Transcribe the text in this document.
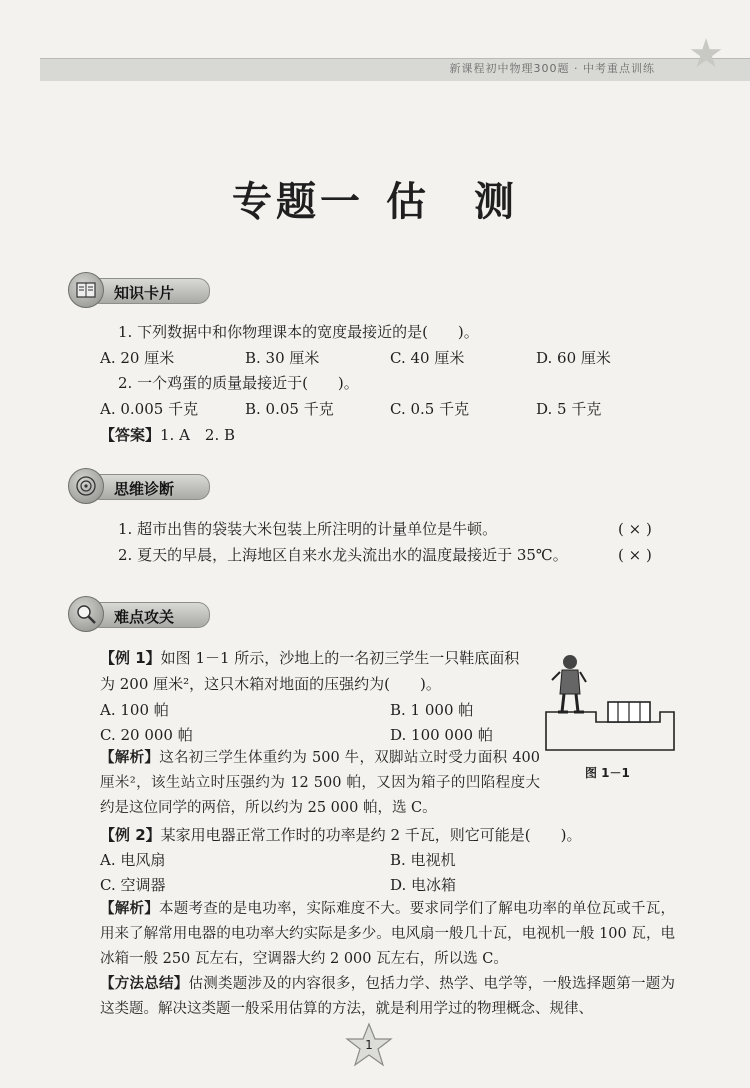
新课程初中物理300题 · 中考重点训练 ★
专题一 估 测
知识卡片
1. 下列数据中和你物理课本的宽度最接近的是(　　)。
A. 20 厘米	B. 30 厘米	C. 40 厘米	D. 60 厘米
2. 一个鸡蛋的质量最接近于(　　)。
A. 0.005 千克	B. 0.05 千克	C. 0.5 千克	D. 5 千克
【答案】1. A　2. B
思维诊断
1. 超市出售的袋装大米包装上所注明的计量单位是牛顿。	( × )
2. 夏天的早晨，上海地区自来水龙头流出水的温度最接近于 35℃。	( × )
难点攻关
【例 1】如图 1－1 所示，沙地上的一名初三学生一只鞋底面积
为 200 厘米²，这只木箱对地面的压强约为(　　)。
A. 100 帕	B. 1 000 帕
C. 20 000 帕	D. 100 000 帕
图 1－1
【解析】这名初三学生体重约为 500 牛，双脚站立时受力面积 400 厘米²，该生站立时压强约为 12 500 帕，又因为箱子的凹陷程度大约是这位同学的两倍，所以约为 25 000 帕，选 C。
【例 2】某家用电器正常工作时的功率是约 2 千瓦，则它可能是(　　)。
A. 电风扇	B. 电视机
C. 空调器	D. 电冰箱
【解析】本题考查的是电功率，实际难度不大。要求同学们了解电功率的单位瓦或千瓦，用来了解常用电器的电功率大约实际是多少。电风扇一般几十瓦，电视机一般 100 瓦，电冰箱一般 250 瓦左右，空调器大约 2 000 瓦左右，所以选 C。
【方法总结】估测类题涉及的内容很多，包括力学、热学、电学等，一般选择题第一题为这类题。解决这类题一般采用估算的方法，就是利用学过的物理概念、规律、
1
